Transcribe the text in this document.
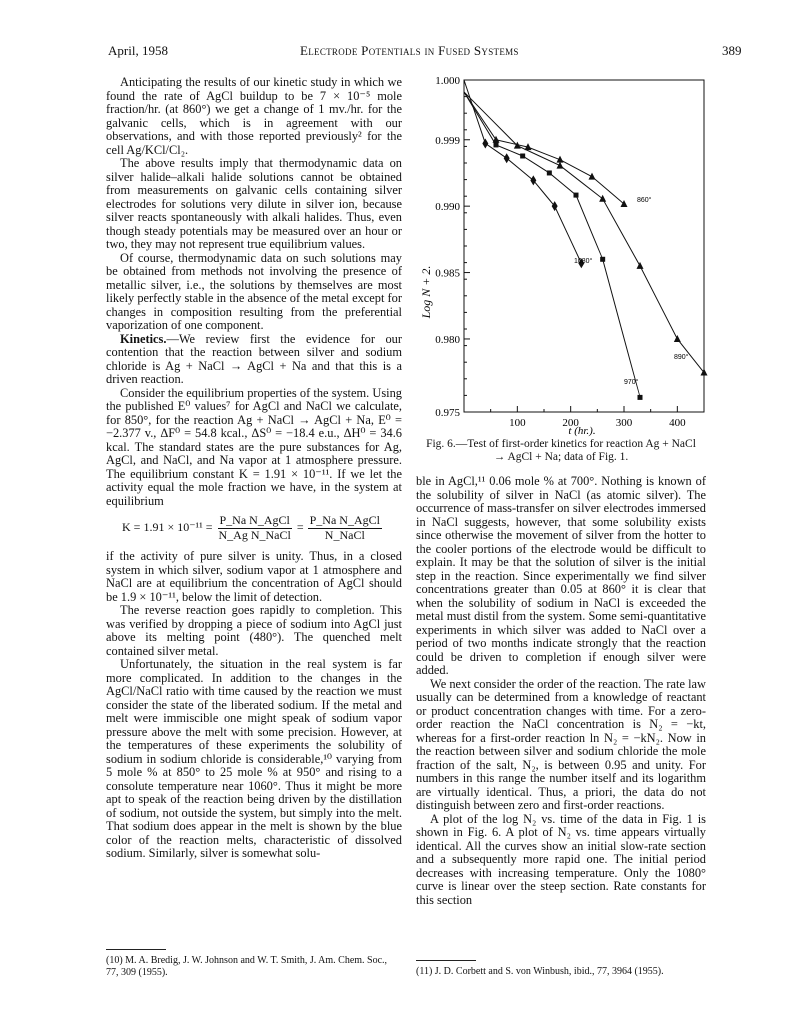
April, 1958	Electrode Potentials in Fused Systems	389

Anticipating the results of our kinetic study in which we found the rate of AgCl buildup to be 7 × 10⁻⁵ mole fraction/hr. (at 860°) we get a change of 1 mv./hr. for the galvanic cells, which is in agreement with our observations, and with those reported previously² for the cell Ag/KCl/Cl₂.

The above results imply that thermodynamic data on silver halide–alkali halide solutions cannot be obtained from measurements on galvanic cells containing silver electrodes for solutions very dilute in silver ion, because silver reacts spontaneously with alkali halides. Thus, even though steady potentials may be measured over an hour or two, they may not represent true equilibrium values.

Of course, thermodynamic data on such solutions may be obtained from methods not involving the presence of metallic silver, i.e., the solutions by themselves are most likely perfectly stable in the absence of the metal except for changes in composition resulting from the preferential vaporization of one component.

Kinetics.—We review first the evidence for our contention that the reaction between silver and sodium chloride is Ag + NaCl → AgCl + Na and that this is a driven reaction.

Consider the equilibrium properties of the system. Using the published E⁰ values⁷ for AgCl and NaCl we calculate, for 850°, for the reaction Ag + NaCl → AgCl + Na, E⁰ = −2.377 v., ΔF⁰ = 54.8 kcal., ΔS⁰ = −18.4 e.u., ΔH⁰ = 34.6 kcal. The standard states are the pure substances for Ag, AgCl, and NaCl, and Na vapor at 1 atmosphere pressure. The equilibrium constant K = 1.91 × 10⁻¹¹. If we let the activity equal the mole fraction we have, in the system at equilibrium

$K = 1.91 \times 10^{-11} = \frac{\text{P\_Na N\_AgCl}}{\text{N\_Ag N\_NaCl}} = \frac{\text{P\_Na N\_AgCl}}{\text{N\_NaCl}}$

if the activity of pure silver is unity. Thus, in a closed system in which silver, sodium vapor at 1 atmosphere and NaCl are at equilibrium the concentration of AgCl should be 1.9 × 10⁻¹¹, below the limit of detection.

The reverse reaction goes rapidly to completion. This was verified by dropping a piece of sodium into AgCl just above its melting point (480°). The quenched melt contained silver metal.

Unfortunately, the situation in the real system is far more complicated. In addition to the changes in the AgCl/NaCl ratio with time caused by the reaction we must consider the state of the liberated sodium. If the metal and melt were immiscible one might speak of sodium vapor pressure above the melt with some precision. However, at the temperatures of these experiments the solubility of sodium in sodium chloride is considerable,¹⁰ varying from 5 mole % at 850° to 25 mole % at 950° and rising to a consolute temperature near 1060°. Thus it might be more apt to speak of the reaction being driven by the distillation of sodium, not outside the system, but simply into the melt. That sodium does appear in the melt is shown by the blue color of the reaction melts, characteristic of dissolved sodium. Similarly, silver is somewhat solu-

(10) M. A. Bredig, J. W. Johnson and W. T. Smith, J. Am. Chem. Soc., 77, 309 (1955).
1.000
0.999
0.990
0.985
0.980
0.975
100	200	300	400
860°
1080°
890°
970°
Log N + 2.
t (hr.).
Fig. 6.—Test of first-order kinetics for reaction Ag + NaCl
→ AgCl + Na; data of Fig. 1.

ble in AgCl,¹¹ 0.06 mole % at 700°. Nothing is known of the solubility of silver in NaCl (as atomic silver). The occurrence of mass-transfer on silver electrodes immersed in NaCl suggests, however, that some solubility exists since otherwise the movement of silver from the hotter to the cooler portions of the electrode would be difficult to explain. It may be that the solution of silver is the initial step in the reaction. Since experimentally we find silver concentrations greater than 0.05 at 860° it is clear that when the solubility of sodium in NaCl is exceeded the metal must distil from the system. Some semi-quantitative experiments in which silver was added to NaCl over a period of two months indicate strongly that the reaction could be driven to completion if enough silver were added.

We next consider the order of the reaction. The rate law usually can be determined from a knowledge of reactant or product concentration changes with time. For a zero-order reaction the NaCl concentration is N₂ = −kt, whereas for a first-order reaction ln N₂ = −kN₂. Now in the reaction between silver and sodium chloride the mole fraction of the salt, N₂, is between 0.95 and unity. For numbers in this range the number itself and its logarithm are virtually identical. Thus, a priori, the data do not distinguish between zero and first-order reactions.

A plot of the log N₂ vs. time of the data in Fig. 1 is shown in Fig. 6. A plot of N₂ vs. time appears virtually identical. All the curves show an initial slow-rate section and a subsequently more rapid one. The initial period decreases with increasing temperature. Only the 1080° curve is linear over the steep section. Rate constants for this section

(11) J. D. Corbett and S. von Winbush, ibid., 77, 3964 (1955).
